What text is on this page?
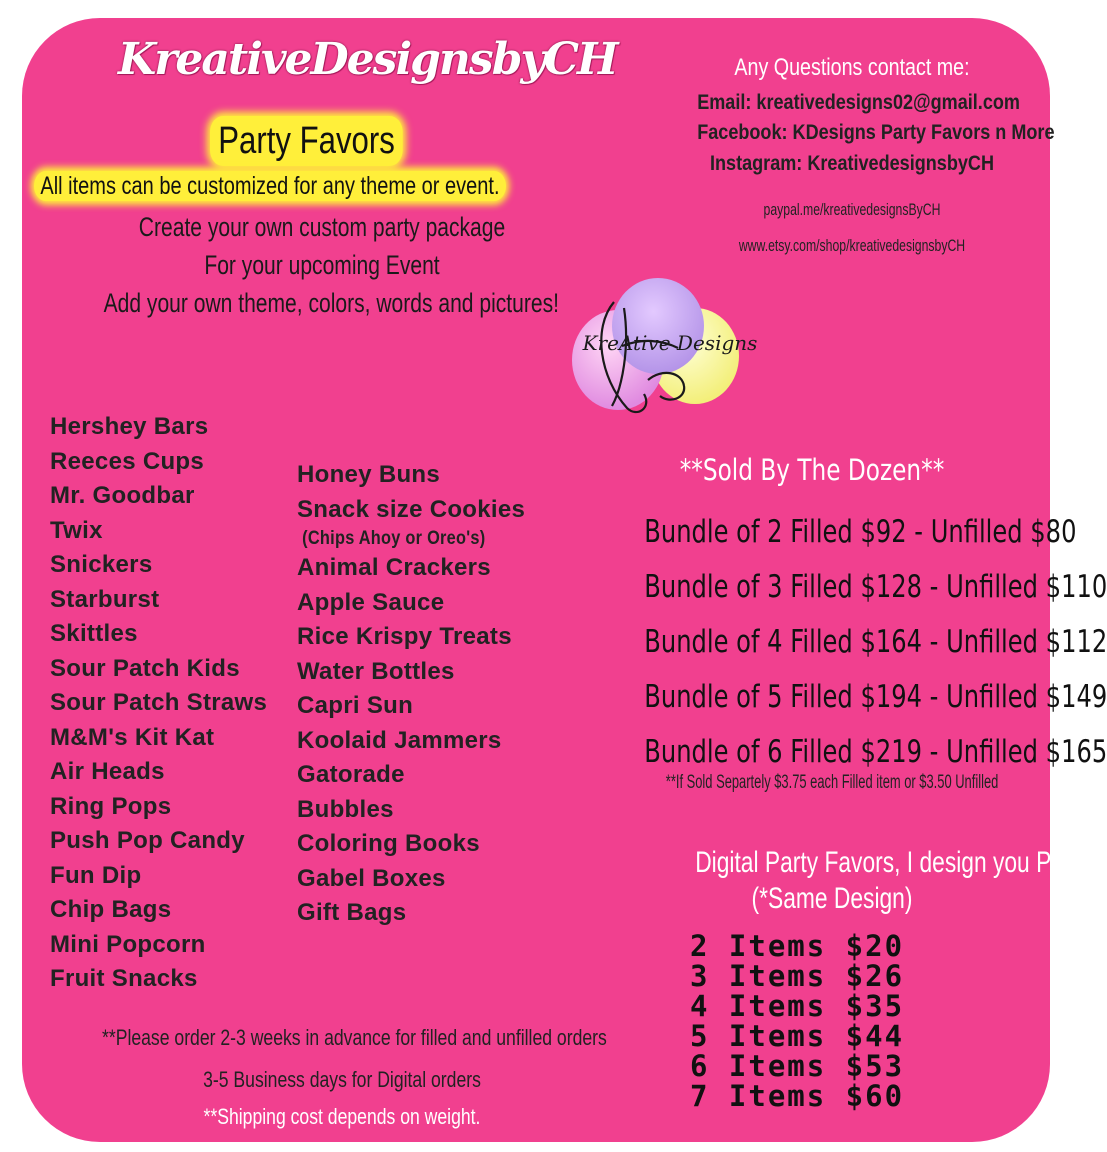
KreativeDesignsbyCH
Party Favors
All items can be customized for any theme or event.
Create your own custom party package
For your upcoming Event
Add your own theme, colors, words and pictures!
Any Questions contact me:
Email: kreativedesigns02@gmail.com
Facebook: KDesigns Party Favors n More
Instagram: KreativedesignsbyCH
paypal.me/kreativedesignsByCH
www.etsy.com/shop/kreativedesignsbyCH
KreAtive Designs
Hershey Bars
Reeces Cups
Mr. Goodbar
Twix
Snickers
Starburst
Skittles
Sour Patch Kids
Sour Patch Straws
M&M's Kit Kat
Air Heads
Ring Pops
Push Pop Candy
Fun Dip
Chip Bags
Mini Popcorn
Fruit Snacks
Honey Buns
Snack size Cookies
(Chips Ahoy or Oreo's)
Animal Crackers
Apple Sauce
Rice Krispy Treats
Water Bottles
Capri Sun
Koolaid Jammers
Gatorade
Bubbles
Coloring Books
Gabel Boxes
Gift Bags
**Sold By The Dozen**
Bundle of 2 Filled $92 - Unfilled $80
Bundle of 3 Filled $128 - Unfilled $110
Bundle of 4 Filled $164 - Unfilled $112
Bundle of 5 Filled $194 - Unfilled $149
Bundle of 6 Filled $219 - Unfilled $165
**If Sold Separtely $3.75 each Filled item or $3.50 Unfilled
Digital Party Favors, I design you Print
(*Same Design)
2 Items $20
3 Items $26
4 Items $35
5 Items $44
6 Items $53
7 Items $60
**Please order 2-3 weeks in advance for filled and unfilled orders
3-5 Business days for Digital orders
**Shipping cost depends on weight.
